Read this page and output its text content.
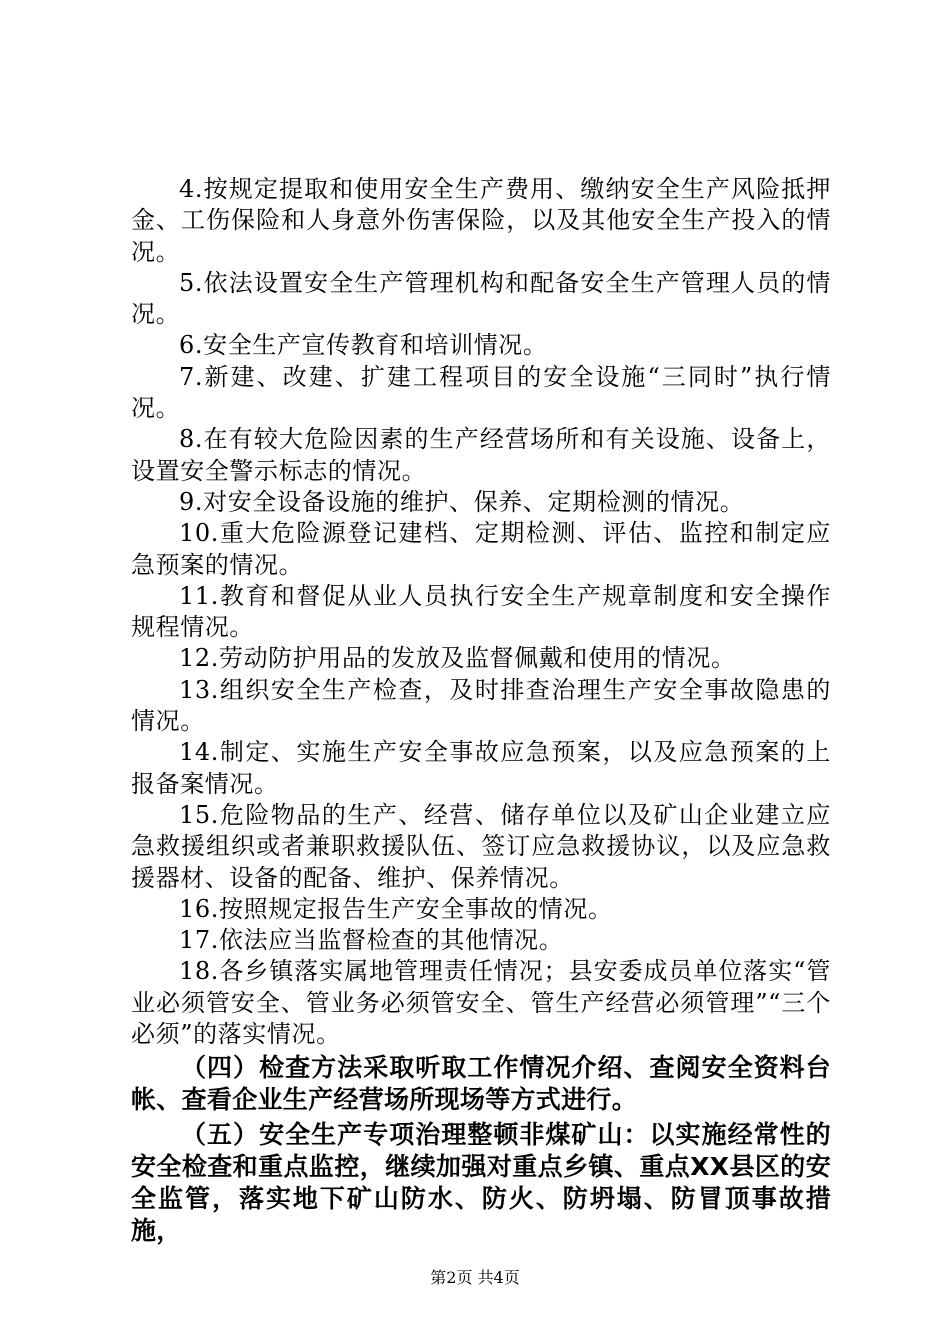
4.按规定提取和使用安全生产费用、缴纳安全生产风险抵押金、工伤保险和人身意外伤害保险，以及其他安全生产投入的情况。

5.依法设置安全生产管理机构和配备安全生产管理人员的情况。

6.安全生产宣传教育和培训情况。

7.新建、改建、扩建工程项目的安全设施“三同时”执行情况。

8.在有较大危险因素的生产经营场所和有关设施、设备上，设置安全警示标志的情况。

9.对安全设备设施的维护、保养、定期检测的情况。

10.重大危险源登记建档、定期检测、评估、监控和制定应急预案的情况。

11.教育和督促从业人员执行安全生产规章制度和安全操作规程情况。

12.劳动防护用品的发放及监督佩戴和使用的情况。

13.组织安全生产检查，及时排查治理生产安全事故隐患的情况。

14.制定、实施生产安全事故应急预案，以及应急预案的上报备案情况。

15.危险物品的生产、经营、储存单位以及矿山企业建立应急救援组织或者兼职救援队伍、签订应急救援协议，以及应急救援器材、设备的配备、维护、保养情况。

16.按照规定报告生产安全事故的情况。

17.依法应当监督检查的其他情况。

18.各乡镇落实属地管理责任情况；县安委成员单位落实“管业必须管安全、管业务必须管安全、管生产经营必须管理”“三个必须”的落实情况。

（四）检查方法采取听取工作情况介绍、查阅安全资料台帐、查看企业生产经营场所现场等方式进行。

（五）安全生产专项治理整顿非煤矿山：以实施经常性的安全检查和重点监控，继续加强对重点乡镇、重点XX县区的安全监管，落实地下矿山防水、防火、防坍塌、防冒顶事故措施，

第2页 共4页
